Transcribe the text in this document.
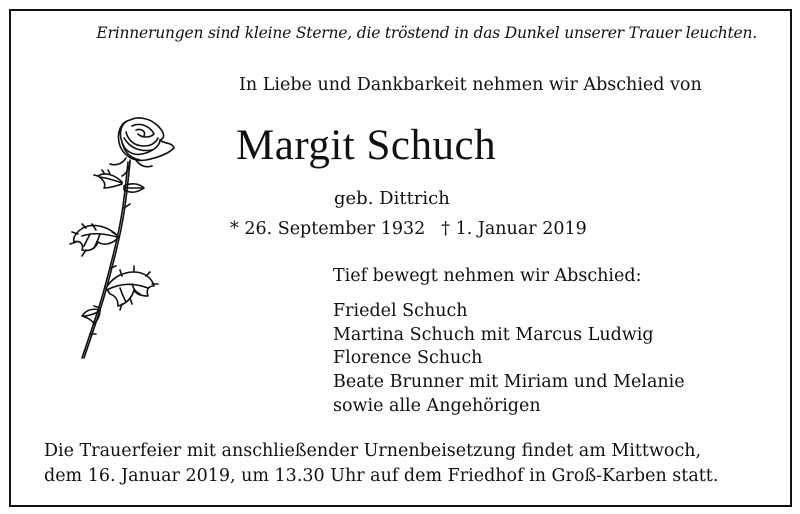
Erinnerungen sind kleine Sterne, die tröstend in das Dunkel unserer Trauer leuchten.
In Liebe und Dankbarkeit nehmen wir Abschied von
Margit Schuch
geb. Dittrich
* 26. September 1932 † 1. Januar 2019
Tief bewegt nehmen wir Abschied:
Friedel Schuch
Martina Schuch mit Marcus Ludwig
Florence Schuch
Beate Brunner mit Miriam und Melanie
sowie alle Angehörigen
Die Trauerfeier mit anschließender Urnenbeisetzung findet am Mittwoch,
dem 16. Januar 2019, um 13.30 Uhr auf dem Friedhof in Groß-Karben statt.
